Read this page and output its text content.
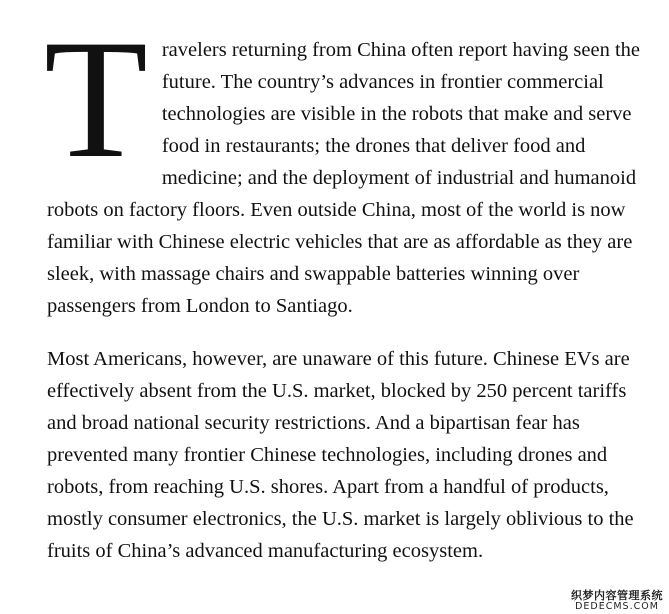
T ravelers returning from China often report having seen the future. The country’s advances in frontier commercial technologies are visible in the robots that make and serve food in restaurants; the drones that deliver food and medicine; and the deployment of industrial and humanoid robots on factory floors. Even outside China, most of the world is now familiar with Chinese electric vehicles that are as affordable as they are sleek, with massage chairs and swappable batteries winning over passengers from London to Santiago.

Most Americans, however, are unaware of this future. Chinese EVs are effectively absent from the U.S. market, blocked by 250 percent tariffs and broad national security restrictions. And a bipartisan fear has prevented many frontier Chinese technologies, including drones and robots, from reaching U.S. shores. Apart from a handful of products, mostly consumer electronics, the U.S. market is largely oblivious to the fruits of China’s advanced manufacturing ecosystem.

织梦内容管理系统
DEDECMS.COM
